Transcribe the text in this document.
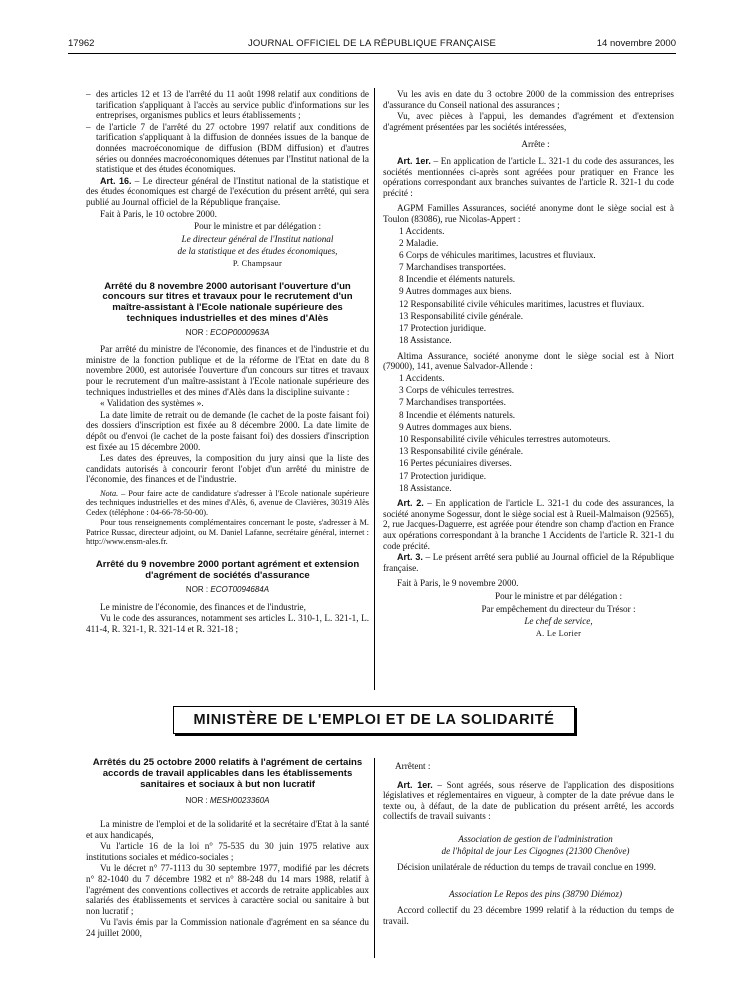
17962	JOURNAL OFFICIEL DE LA RÉPUBLIQUE FRANÇAISE	14 novembre 2000

– des articles 12 et 13 de l'arrêté du 11 août 1998 relatif aux conditions de tarification s'appliquant à l'accès au service public d'informations sur les entreprises, organismes publics et leurs établissements ;

– de l'article 7 de l'arrêté du 27 octobre 1997 relatif aux conditions de tarification s'appliquant à la diffusion de données issues de la banque de données macroéconomique de diffusion (BDM diffusion) et d'autres séries ou données macroéconomiques détenues par l'Institut national de la statistique et des études économiques.

Art. 16. – Le directeur général de l'Institut national de la statistique et des études économiques est chargé de l'exécution du présent arrêté, qui sera publié au Journal officiel de la République française.

Fait à Paris, le 10 octobre 2000.

Pour le ministre et par délégation :

Le directeur général de l'Institut national

de la statistique et des études économiques,

P. Champsaur

Arrêté du 8 novembre 2000 autorisant l'ouverture d'un concours sur titres et travaux pour le recrutement d'un maître-assistant à l'Ecole nationale supérieure des techniques industrielles et des mines d'Alès
NOR : ECOP0000963A

Par arrêté du ministre de l'économie, des finances et de l'industrie et du ministre de la fonction publique et de la réforme de l'Etat en date du 8 novembre 2000, est autorisée l'ouverture d'un concours sur titres et travaux pour le recrutement d'un maître-assistant à l'Ecole nationale supérieure des techniques industrielles et des mines d'Alès dans la discipline suivante :

« Validation des systèmes ».

La date limite de retrait ou de demande (le cachet de la poste faisant foi) des dossiers d'inscription est fixée au 8 décembre 2000. La date limite de dépôt ou d'envoi (le cachet de la poste faisant foi) des dossiers d'inscription est fixée au 15 décembre 2000.

Les dates des épreuves, la composition du jury ainsi que la liste des candidats autorisés à concourir feront l'objet d'un arrêté du ministre de l'économie, des finances et de l'industrie.

Nota. – Pour faire acte de candidature s'adresser à l'Ecole nationale supérieure des techniques industrielles et des mines d'Alès, 6, avenue de Clavières, 30319 Alès Cedex (téléphone : 04-66-78-50-00).

Pour tous renseignements complémentaires concernant le poste, s'adresser à M. Patrice Russac, directeur adjoint, ou M. Daniel Lafanne, secrétaire général, internet : http://www.ensm-ales.fr.

Arrêté du 9 novembre 2000 portant agrément et extension d'agrément de sociétés d'assurance
NOR : ECOT0094684A

Le ministre de l'économie, des finances et de l'industrie,

Vu le code des assurances, notamment ses articles L. 310-1, L. 321-1, L. 411-4, R. 321-1, R. 321-14 et R. 321-18 ;

Vu les avis en date du 3 octobre 2000 de la commission des entreprises d'assurance du Conseil national des assurances ;

Vu, avec pièces à l'appui, les demandes d'agrément et d'extension d'agrément présentées par les sociétés intéressées,

Arrête :

Art. 1er. – En application de l'article L. 321-1 du code des assurances, les sociétés mentionnées ci-après sont agréées pour pratiquer en France les opérations correspondant aux branches suivantes de l'article R. 321-1 du code précité :

AGPM Familles Assurances, société anonyme dont le siège social est à Toulon (83086), rue Nicolas-Appert :

1 Accidents.

2 Maladie.

6 Corps de véhicules maritimes, lacustres et fluviaux.

7 Marchandises transportées.

8 Incendie et éléments naturels.

9 Autres dommages aux biens.

12 Responsabilité civile véhicules maritimes, lacustres et fluviaux.

13 Responsabilité civile générale.

17 Protection juridique.

18 Assistance.

Altima Assurance, société anonyme dont le siège social est à Niort (79000), 141, avenue Salvador-Allende :

1 Accidents.

3 Corps de véhicules terrestres.

7 Marchandises transportées.

8 Incendie et éléments naturels.

9 Autres dommages aux biens.

10 Responsabilité civile véhicules terrestres automoteurs.

13 Responsabilité civile générale.

16 Pertes pécuniaires diverses.

17 Protection juridique.

18 Assistance.

Art. 2. – En application de l'article L. 321-1 du code des assurances, la société anonyme Sogessur, dont le siège social est à Rueil-Malmaison (92565), 2, rue Jacques-Daguerre, est agréée pour étendre son champ d'action en France aux opérations correspondant à la branche 1 Accidents de l'article R. 321-1 du code précité.

Art. 3. – Le présent arrêté sera publié au Journal officiel de la République française.

Fait à Paris, le 9 novembre 2000.

Pour le ministre et par délégation :

Par empêchement du directeur du Trésor :

Le chef de service,

A. Le Lorier

MINISTÈRE DE L'EMPLOI ET DE LA SOLIDARITÉ
Arrêtés du 25 octobre 2000 relatifs à l'agrément de certains accords de travail applicables dans les établissements sanitaires et sociaux à but non lucratif
NOR : MESH0023360A

La ministre de l'emploi et de la solidarité et la secrétaire d'Etat à la santé et aux handicapés,

Vu l'article 16 de la loi n° 75-535 du 30 juin 1975 relative aux institutions sociales et médico-sociales ;

Vu le décret n° 77-1113 du 30 septembre 1977, modifié par les décrets n° 82-1040 du 7 décembre 1982 et n° 88-248 du 14 mars 1988, relatif à l'agrément des conventions collectives et accords de retraite applicables aux salariés des établissements et services à caractère social ou sanitaire à but non lucratif ;

Vu l'avis émis par la Commission nationale d'agrément en sa séance du 24 juillet 2000,

Arrêtent :

Art. 1er. – Sont agréés, sous réserve de l'application des dispositions législatives et réglementaires en vigueur, à compter de la date prévue dans le texte ou, à défaut, de la date de publication du présent arrêté, les accords collectifs de travail suivants :

Association de gestion de l'administration

de l'hôpital de jour Les Cigognes (21300 Chenôve)

Décision unilatérale de réduction du temps de travail conclue en 1999.

Association Le Repos des pins (38790 Diémoz)

Accord collectif du 23 décembre 1999 relatif à la réduction du temps de travail.
